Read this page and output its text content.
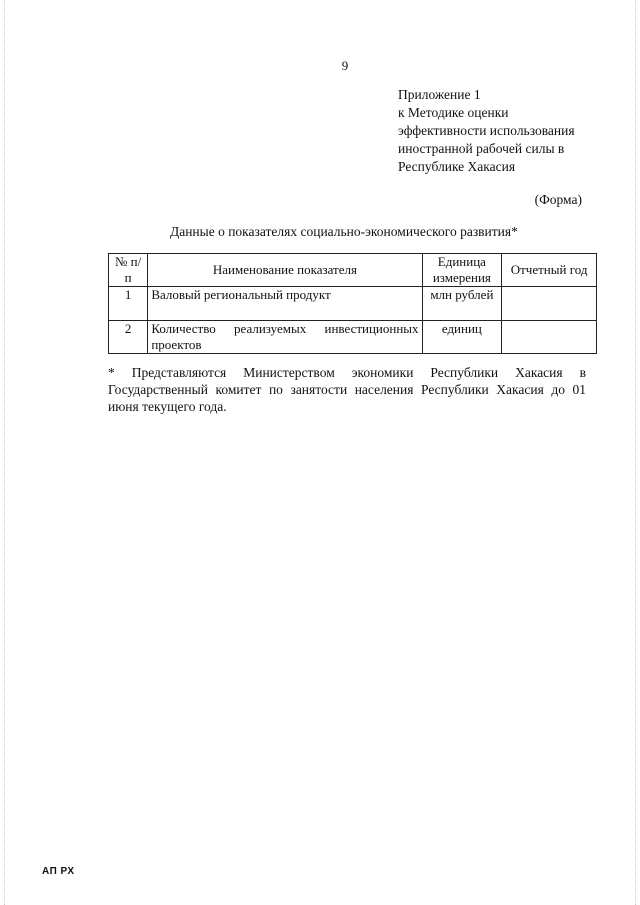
9
Приложение 1
к Методике оценки
эффективности использования
иностранной рабочей силы в
Республике Хакасия
(Форма)
Данные о показателях социально-экономического развития*
№ п/п	Наименование показателя	Единица измерения	Отчетный год
1	Валовый региональный продукт	млн рублей	
2	Количество реализуемых инвестиционных проектов	единиц	
* Представляются Министерством экономики Республики Хакасия в
Государственный комитет по занятости населения Республики Хакасия до 01 июня текущего года.
АП РХ
